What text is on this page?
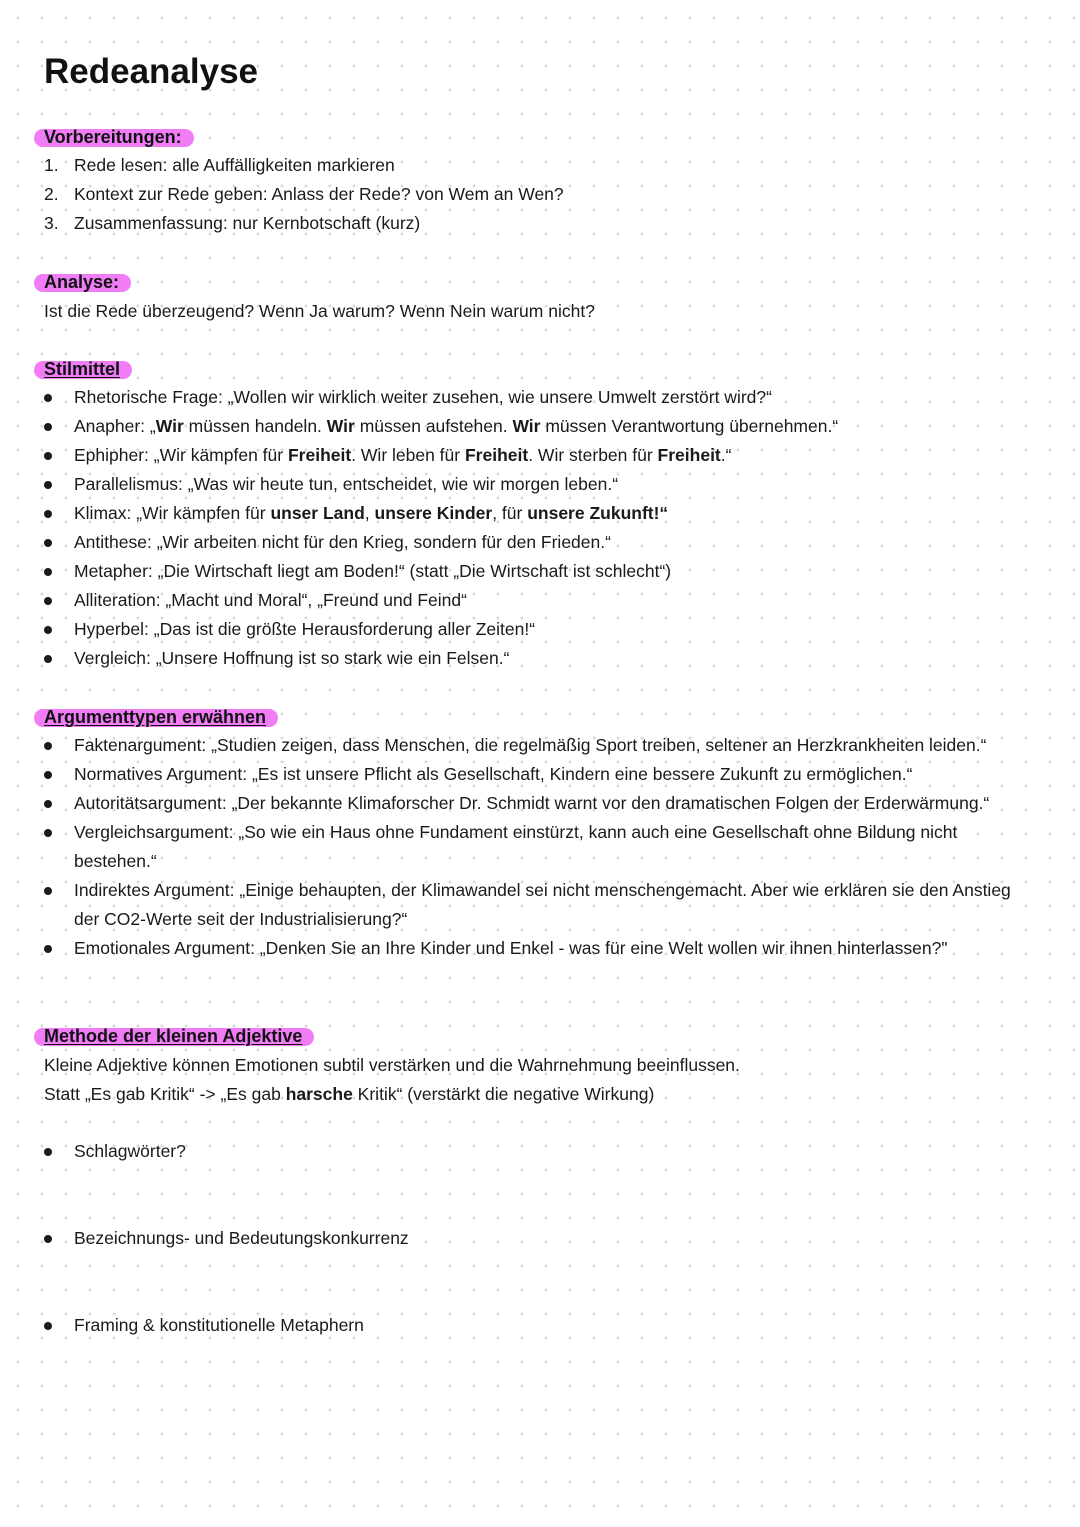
Redeanalyse
Vorbereitungen:
1. Rede lesen: alle Auffälligkeiten markieren
2. Kontext zur Rede geben: Anlass der Rede? von Wem an Wen?
3. Zusammenfassung: nur Kernbotschaft (kurz)
Analyse:
Ist die Rede überzeugend? Wenn Ja warum? Wenn Nein warum nicht?
Stilmittel
Rhetorische Frage: „Wollen wir wirklich weiter zusehen, wie unsere Umwelt zerstört wird?“
Anapher: „Wir müssen handeln. Wir müssen aufstehen. Wir müssen Verantwortung übernehmen.“
Ephipher: „Wir kämpfen für Freiheit. Wir leben für Freiheit. Wir sterben für Freiheit.“
Parallelismus: „Was wir heute tun, entscheidet, wie wir morgen leben.“
Klimax: „Wir kämpfen für unser Land, unsere Kinder, für unsere Zukunft!“
Antithese: „Wir arbeiten nicht für den Krieg, sondern für den Frieden.“
Metapher: „Die Wirtschaft liegt am Boden!“ (statt „Die Wirtschaft ist schlecht“)
Alliteration: „Macht und Moral“, „Freund und Feind“
Hyperbel: „Das ist die größte Herausforderung aller Zeiten!“
Vergleich: „Unsere Hoffnung ist so stark wie ein Felsen.“
Argumenttypen erwähnen
Faktenargument: „Studien zeigen, dass Menschen, die regelmäßig Sport treiben, seltener an Herzkrankheiten leiden.“
Normatives Argument: „Es ist unsere Pflicht als Gesellschaft, Kindern eine bessere Zukunft zu ermöglichen.“
Autoritätsargument: „Der bekannte Klimaforscher Dr. Schmidt warnt vor den dramatischen Folgen der Erderwärmung.“
Vergleichsargument: „So wie ein Haus ohne Fundament einstürzt, kann auch eine Gesellschaft ohne Bildung nicht bestehen.“
Indirektes Argument: „Einige behaupten, der Klimawandel sei nicht menschengemacht. Aber wie erklären sie den Anstieg der CO2-Werte seit der Industrialisierung?“
Emotionales Argument: „Denken Sie an Ihre Kinder und Enkel - was für eine Welt wollen wir ihnen hinterlassen?"
Methode der kleinen Adjektive
Kleine Adjektive können Emotionen subtil verstärken und die Wahrnehmung beeinflussen.
Statt „Es gab Kritik“ -> „Es gab harsche Kritik“ (verstärkt die negative Wirkung)
Schlagwörter?
Bezeichnungs- und Bedeutungskonkurrenz
Framing & konstitutionelle Metaphern
